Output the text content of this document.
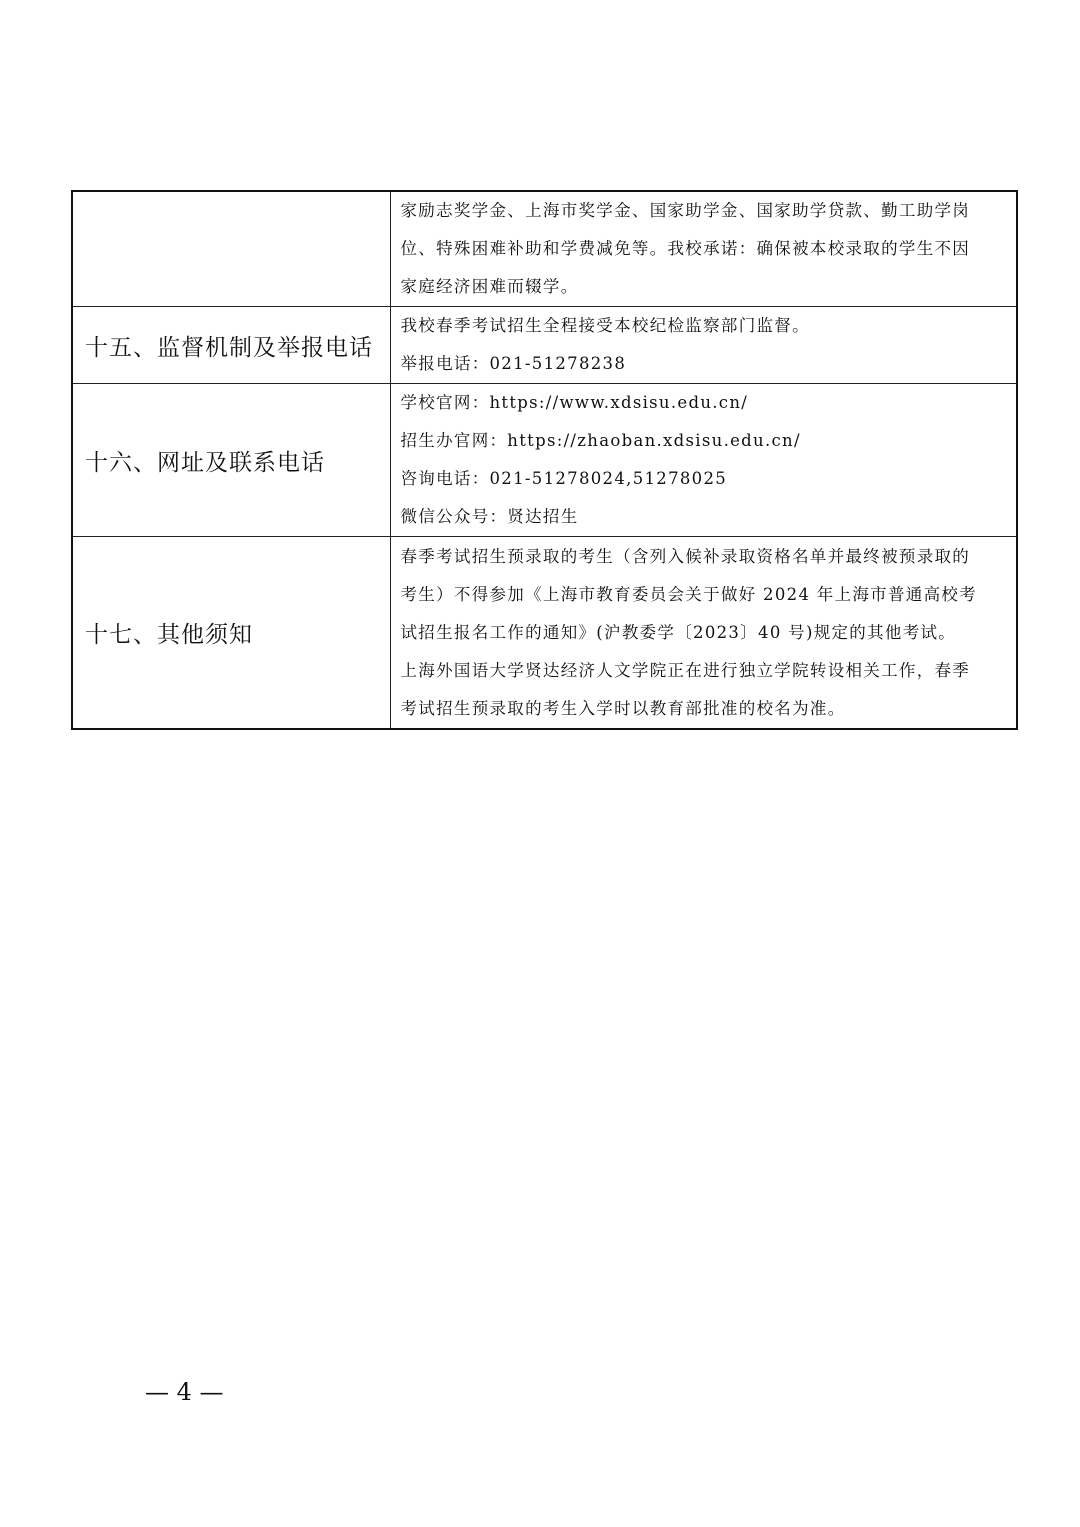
	家励志奖学金、上海市奖学金、国家助学金、国家助学贷款、勤工助学岗
位、特殊困难补助和学费减免等。我校承诺：确保被本校录取的学生不因
家庭经济困难而辍学。

十五、监督机制及举报电话	我校春季考试招生全程接受本校纪检监察部门监督。
举报电话：021-51278238

十六、网址及联系电话	学校官网：https://www.xdsisu.edu.cn/
招生办官网：https://zhaoban.xdsisu.edu.cn/
咨询电话：021-51278024,51278025
微信公众号：贤达招生

十七、其他须知	春季考试招生预录取的考生（含列入候补录取资格名单并最终被预录取的
考生）不得参加《上海市教育委员会关于做好 2024 年上海市普通高校考
试招生报名工作的通知》(沪教委学〔2023〕40 号)规定的其他考试。
上海外国语大学贤达经济人文学院正在进行独立学院转设相关工作，春季
考试招生预录取的考生入学时以教育部批准的校名为准。
— 4 —
